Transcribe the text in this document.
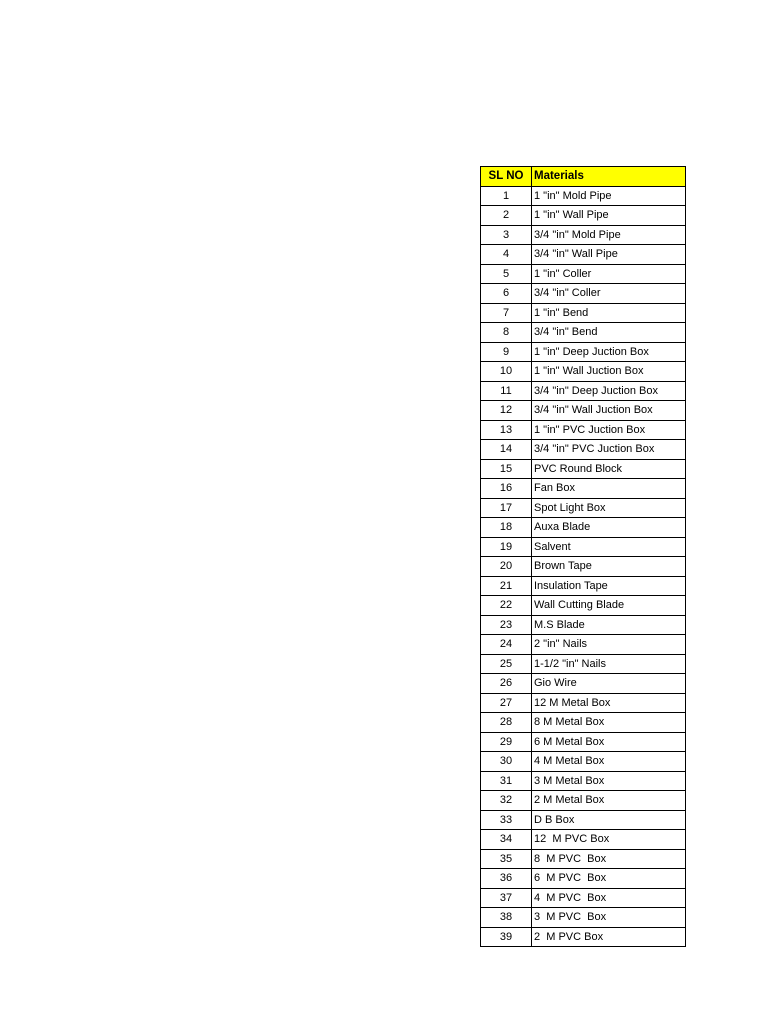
SL NO	Materials
1	1 "in" Mold Pipe
2	1 "in" Wall Pipe
3	3/4 "in" Mold Pipe
4	3/4 "in" Wall Pipe
5	1 "in" Coller
6	3/4 "in" Coller
7	1 "in" Bend
8	3/4 "in" Bend
9	1 "in" Deep Juction Box
10	1 "in" Wall Juction Box
11	3/4 "in" Deep Juction Box
12	3/4 "in" Wall Juction Box
13	1 "in" PVC Juction Box
14	3/4 "in" PVC Juction Box
15	PVC Round Block
16	Fan Box
17	Spot Light Box
18	Auxa Blade
19	Salvent
20	Brown Tape
21	Insulation Tape
22	Wall Cutting Blade
23	M.S Blade
24	2 "in" Nails
25	1-1/2 "in" Nails
26	Gio Wire
27	12 M Metal Box
28	8 M Metal Box
29	6 M Metal Box
30	4 M Metal Box
31	3 M Metal Box
32	2 M Metal Box
33	D B Box
34	12  M PVC Box
35	8  M PVC  Box
36	6  M PVC  Box
37	4  M PVC  Box
38	3  M PVC  Box
39	2  M PVC Box
